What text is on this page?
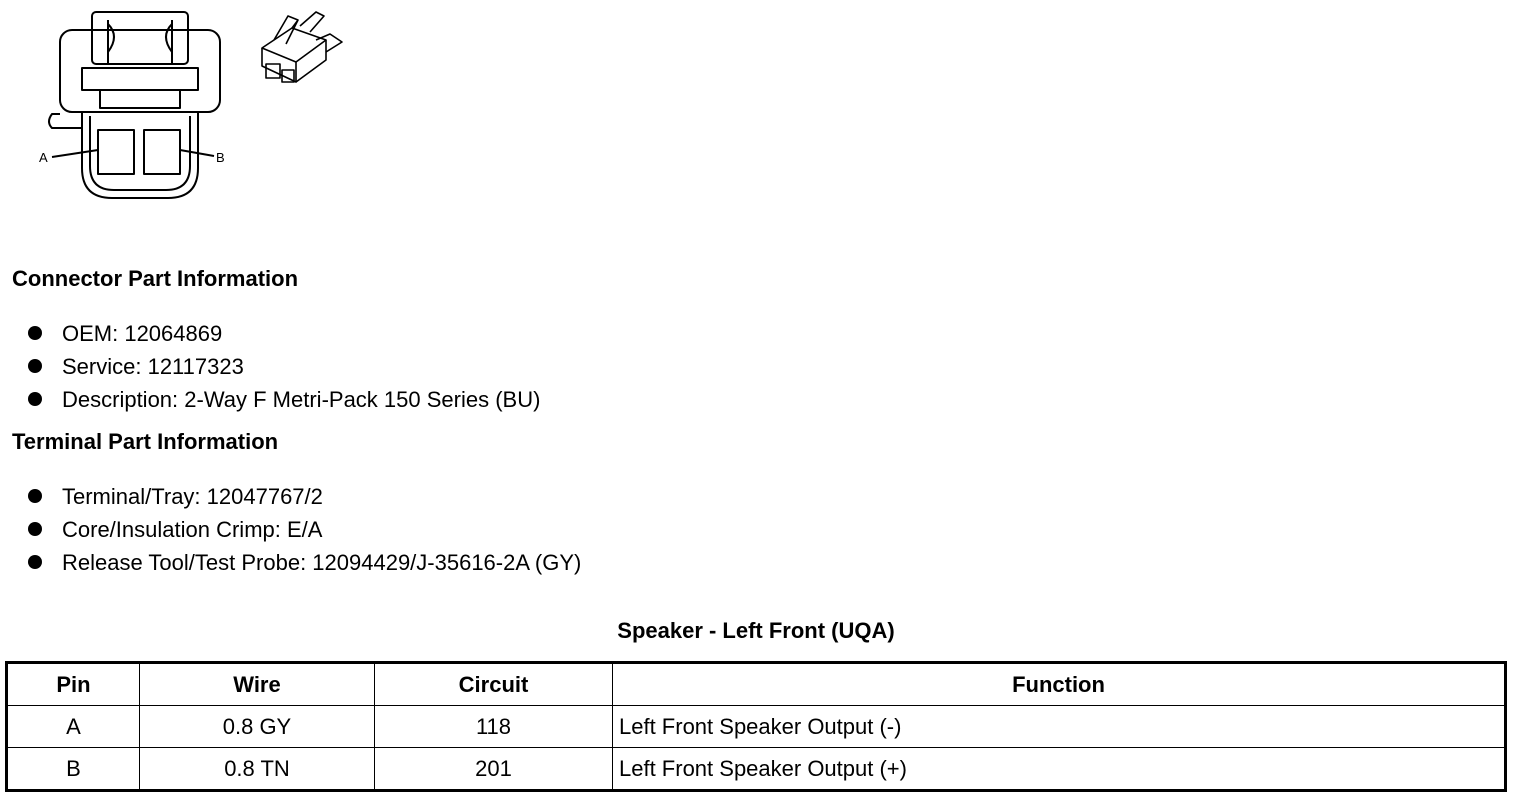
A	B
Connector Part Information
OEM: 12064869
Service: 12117323
Description: 2-Way F Metri-Pack 150 Series (BU)
Terminal Part Information
Terminal/Tray: 12047767/2
Core/Insulation Crimp: E/A
Release Tool/Test Probe: 12094429/J-35616-2A (GY)
Speaker - Left Front (UQA)
Pin	Wire	Circuit	Function
A	0.8 GY	118	Left Front Speaker Output (-)
B	0.8 TN	201	Left Front Speaker Output (+)
